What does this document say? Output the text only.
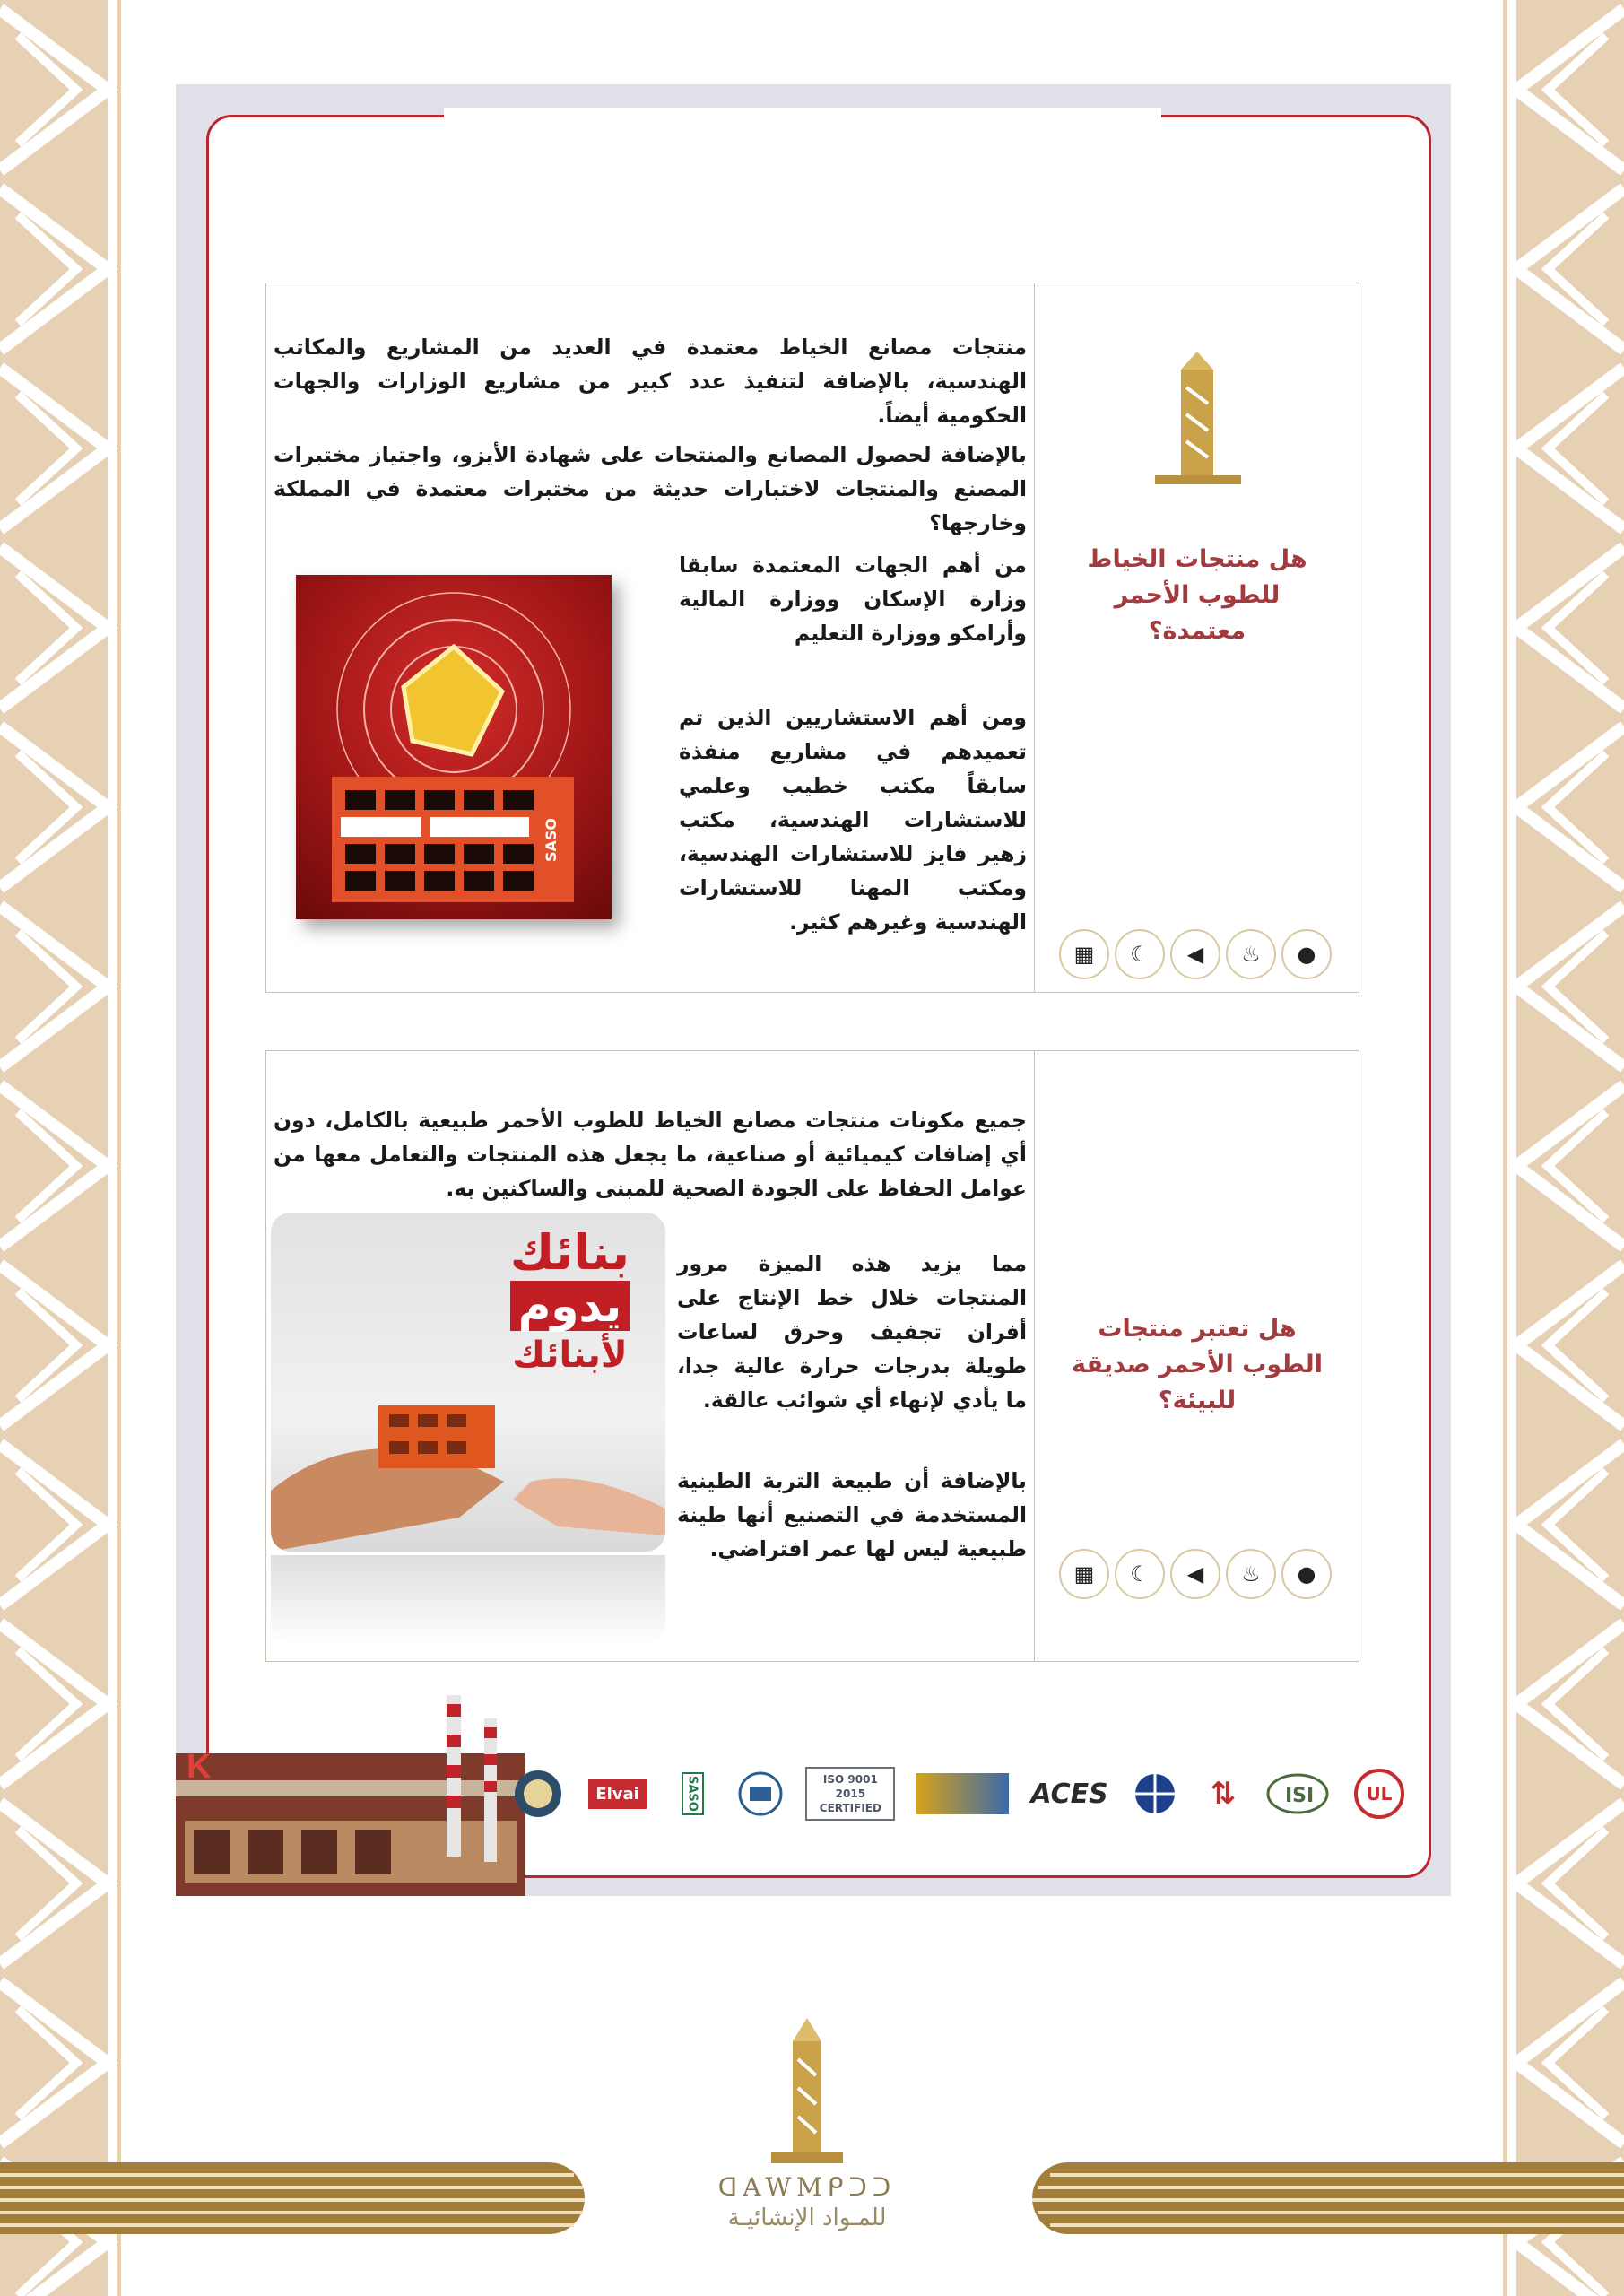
هل منتجات الخياط للطوب الأحمر معتمدة؟
▦	☾	◀	♨	●

منتجات مصانع الخياط معتمدة في العديد من المشاريع والمكاتب الهندسية، بالإضافة لتنفيذ عدد كبير من مشاريع الوزارات والجهات الحكومية أيضاً.

بالإضافة لحصول المصانع والمنتجات على شهادة الأيزو، واجتياز مختبرات المصنع والمنتجات لاختبارات حديثة من مختبرات معتمدة في المملكة وخارجها؟

من أهم الجهات المعتمدة سابقا وزارة الإسكان ووزارة المالية وأرامكو ووزارة التعليم

ومن أهم الاستشاريين الذين تم تعميدهم في مشاريع منفذة سابقاً مكتب خطيب وعلمي للاستشارات الهندسية، مكتب زهير فايز للاستشارات الهندسية، ومكتب المهنا للاستشارات الهندسية وغيرهم كثير.

SASO
هل تعتبر منتجات الطوب الأحمر صديقة للبيئة؟
▦	☾	◀	♨	●

جميع مكونات منتجات مصانع الخياط للطوب الأحمر طبيعية بالكامل، دون أي إضافات كيميائية أو صناعية، ما يجعل هذه المنتجات والتعامل معها من عوامل الحفاظ على الجودة الصحية للمبنى والساكنين به.

مما يزيد هذه الميزة مرور المنتجات خلال خط الإنتاج على أفران تجفيف وحرق لساعات طويلة بدرجات حرارة عالية جدا، ما يأدي لإنهاء أي شوائب عالقة.

بالإضافة أن طبيعة التربة الطينية المستخدمة في التصنيع أنها طينة طبيعية ليس لها عمر افتراضي.

بنائك
يدوم
لأبنائك
K
Elvai	SASO	ISO 9001 2015 CERTIFIED	ACES	⇅	ISI	UL
ᗡAWMᑭᑐᑐ
للمـواد الإنشائيـة
